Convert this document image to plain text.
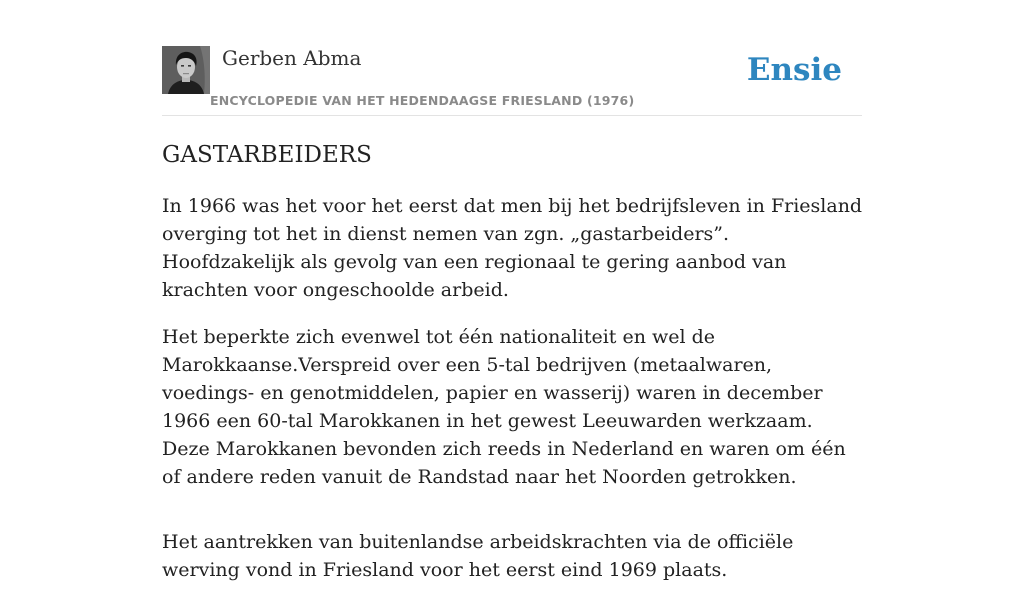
Gerben Abma
ENCYCLOPEDIE VAN HET HEDENDAAGSE FRIESLAND (1976)
Ensie
GASTARBEIDERS

In 1966 was het voor het eerst dat men bij het bedrijfsleven in Friesland overging tot het in dienst nemen van zgn. „gastarbeiders”. Hoofdzakelijk als gevolg van een regionaal te gering aanbod van krachten voor ongeschoolde arbeid.

Het beperkte zich evenwel tot één nationaliteit en wel de Marokkaanse.Verspreid over een 5-tal bedrijven (metaalwaren, voedings- en genotmiddelen, papier en wasserij) waren in december 1966 een 60-tal Marokkanen in het gewest Leeuwarden werkzaam. Deze Marokkanen bevonden zich reeds in Nederland en waren om één of andere reden vanuit de Randstad naar het Noorden getrokken.

Het aantrekken van buitenlandse arbeidskrachten via de officiële werving vond in Friesland voor het eerst eind 1969 plaats.
